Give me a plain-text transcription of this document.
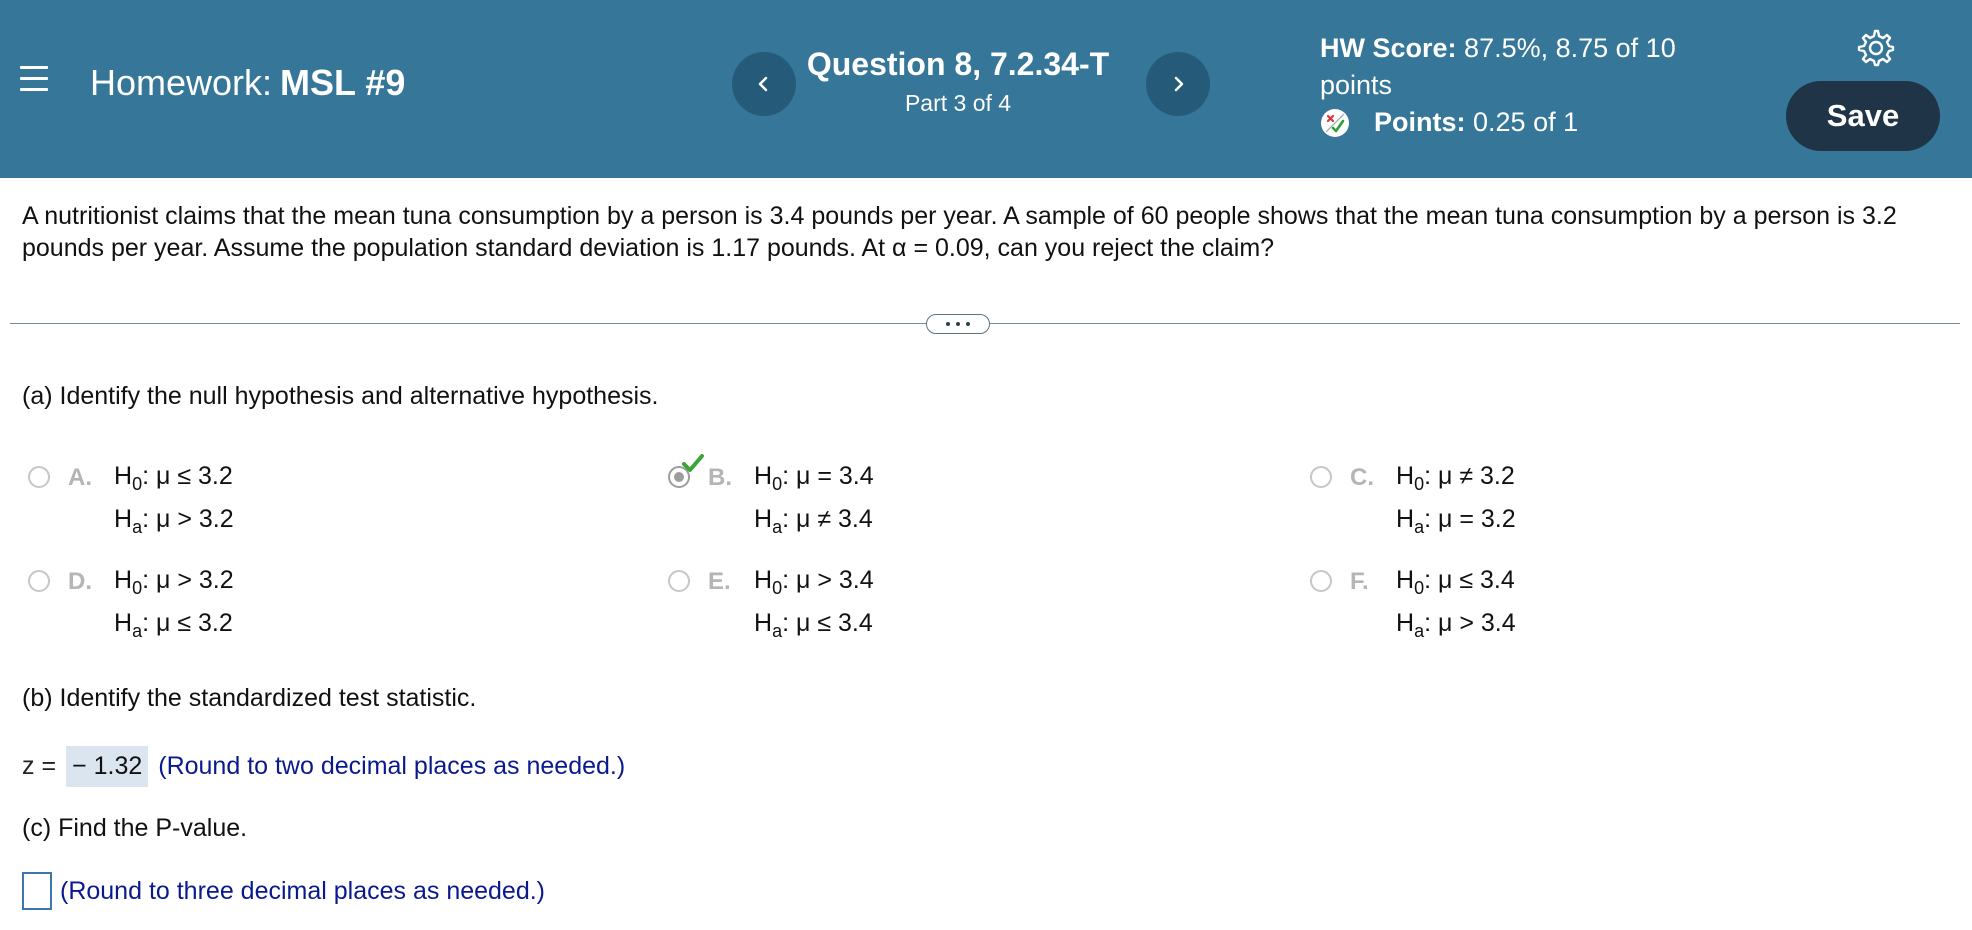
Homework: MSL #9	Question 8, 7.2.34-T
Part 3 of 4
HW Score: 87.5%, 8.75 of 10
points
Points:
0.25 of 1	Save
A nutritionist claims that the mean tuna consumption by a person is 3.4 pounds per year. A sample of 60 people shows that the mean tuna consumption by a person is 3.2 pounds per year. Assume the population standard deviation is 1.17 pounds. At α = 0.09, can you reject the claim?
(a) Identify the null hypothesis and alternative hypothesis.
A. $H_0$: μ ≤ 3.2
$H_a$: μ > 3.2
B. $H_0$: μ = 3.4
$H_a$: μ ≠ 3.4
C. $H_0$: μ ≠ 3.2
$H_a$: μ = 3.2
D. $H_0$: μ > 3.2
$H_a$: μ ≤ 3.2
E. $H_0$: μ > 3.4
$H_a$: μ ≤ 3.4
F. $H_0$: μ ≤ 3.4
$H_a$: μ > 3.4
(b) Identify the standardized test statistic.
z = − 1.32 (Round to two decimal places as needed.)
(c) Find the P-value.
(Round to three decimal places as needed.)
